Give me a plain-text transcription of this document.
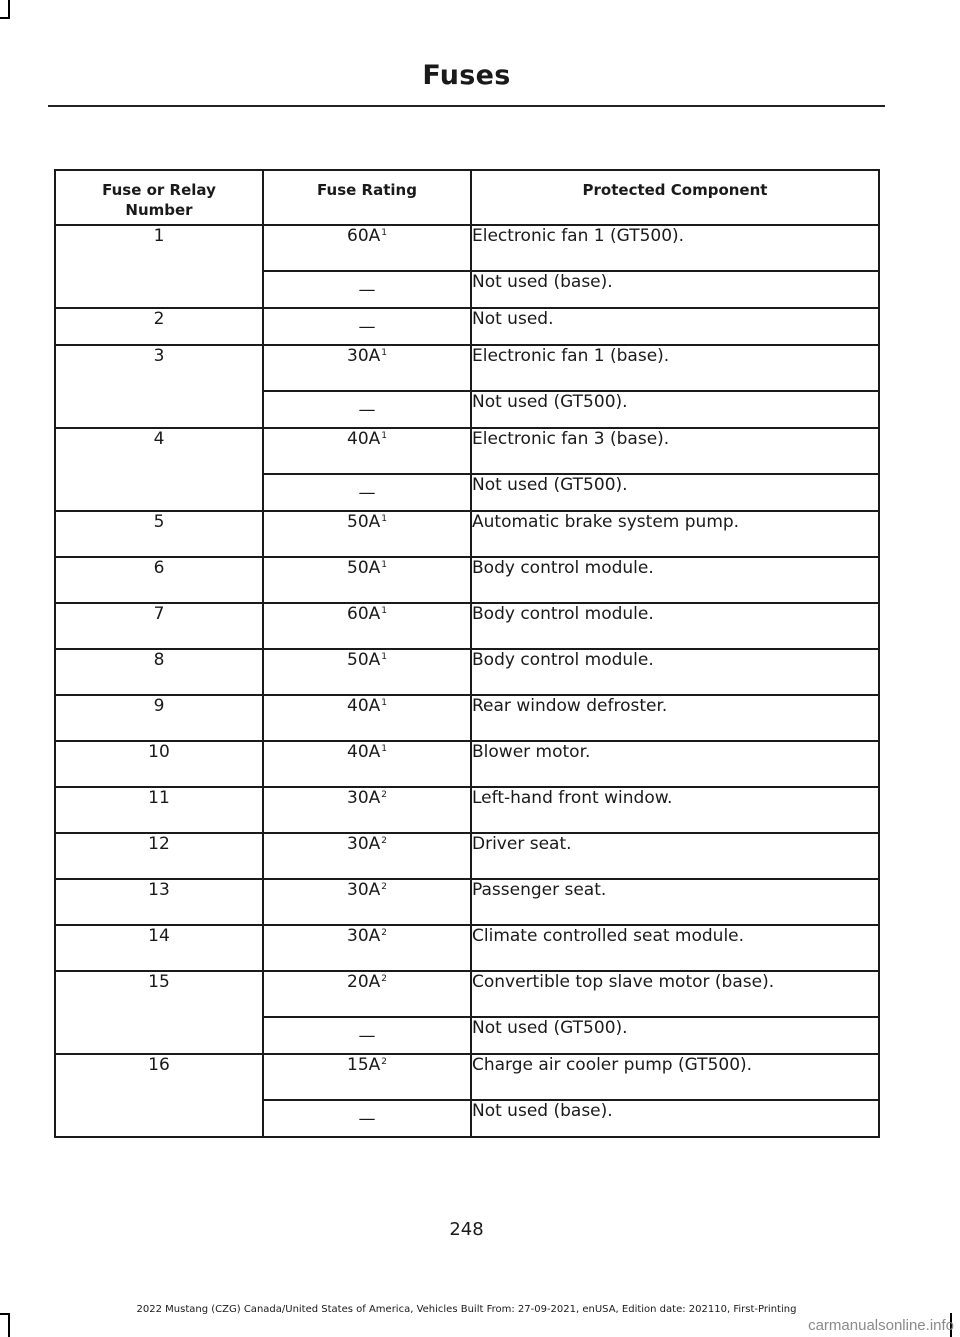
Fuses
Fuse or Relay Number	Fuse Rating	Protected Component
1	$60A^1$	Electronic fan 1 (GT500).
	—	Not used (base).
2	—	Not used.
3	$30A^1$	Electronic fan 1 (base).
	—	Not used (GT500).
4	$40A^1$	Electronic fan 3 (base).
	—	Not used (GT500).
5	$50A^1$	Automatic brake system pump.
6	$50A^1$	Body control module.
7	$60A^1$	Body control module.
8	$50A^1$	Body control module.
9	$40A^1$	Rear window defroster.
10	$40A^1$	Blower motor.
11	$30A^2$	Left-hand front window.
12	$30A^2$	Driver seat.
13	$30A^2$	Passenger seat.
14	$30A^2$	Climate controlled seat module.
15	$20A^2$	Convertible top slave motor (base).
	—	Not used (GT500).
16	$15A^2$	Charge air cooler pump (GT500).
	—	Not used (base).
248
2022 Mustang (CZG) Canada/United States of America, Vehicles Built From: 27-09-2021, enUSA, Edition date: 202110, First-Printing
carmanualsonline.info
